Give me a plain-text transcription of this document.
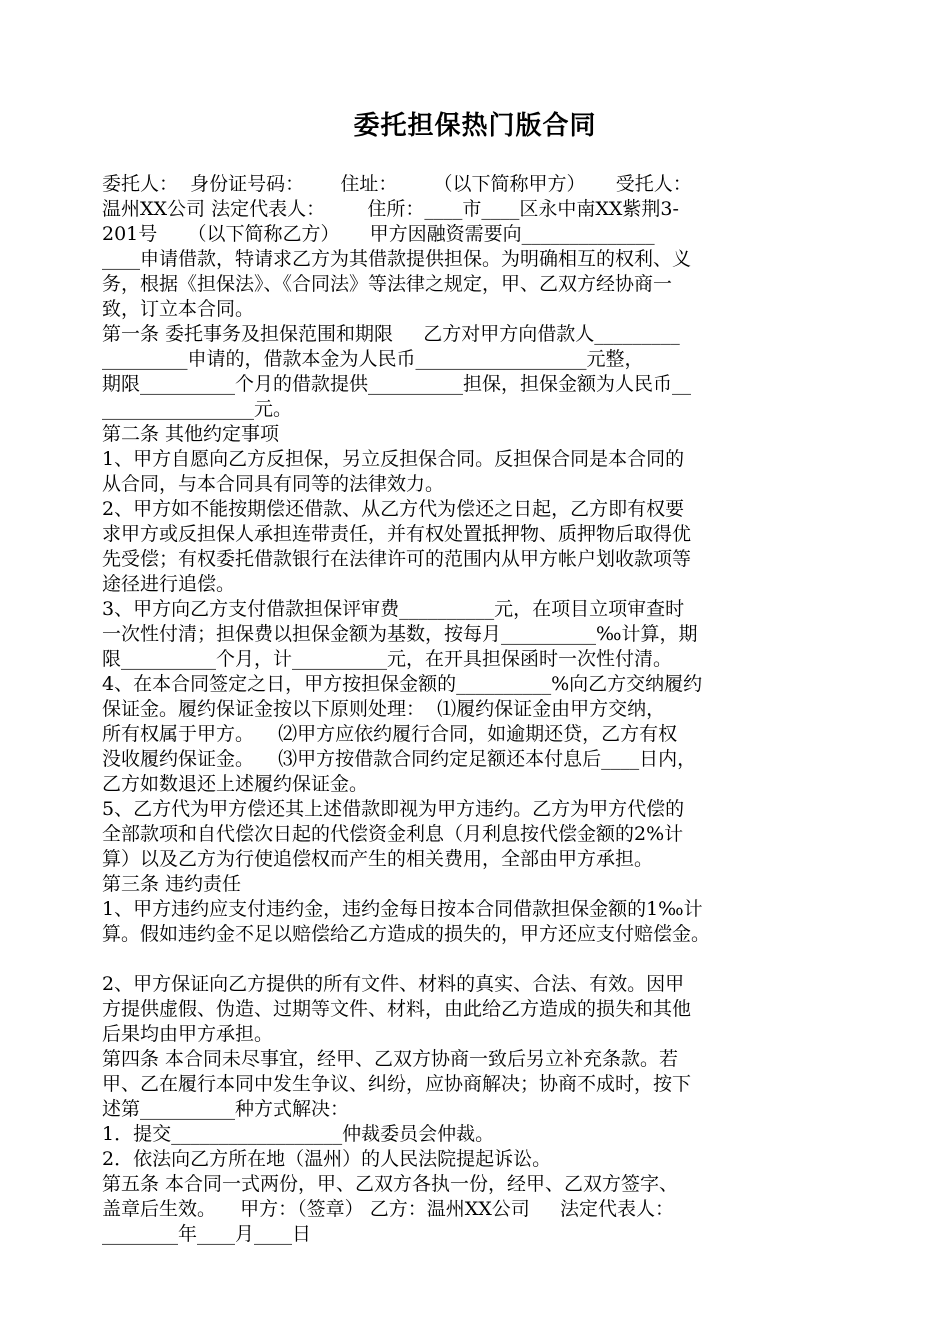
委托担保热门版合同
委托人：  身份证号码：      住址：      （以下简称甲方）     受托人：
温州XX公司 法定代表人：       住所：____市____区永中南XX紫荆3-
201号     （以下简称乙方）     甲方因融资需要向______________
____申请借款，特请求乙方为其借款提供担保。为明确相互的权利、义
务，根据《担保法》、《合同法》等法律之规定，甲、乙双方经协商一
致，订立本合同。
第一条 委托事务及担保范围和期限     乙方对甲方向借款人_________
_________申请的，借款本金为人民币__________________元整，
期限__________个月的借款提供__________担保，担保金额为人民币__
________________元。
第二条 其他约定事项
1、甲方自愿向乙方反担保，另立反担保合同。反担保合同是本合同的
从合同，与本合同具有同等的法律效力。
2、甲方如不能按期偿还借款、从乙方代为偿还之日起，乙方即有权要
求甲方或反担保人承担连带责任，并有权处置抵押物、质押物后取得优
先受偿；有权委托借款银行在法律许可的范围内从甲方帐户划收款项等
途径进行追偿。
3、甲方向乙方支付借款担保评审费__________元，在项目立项审查时
一次性付清；担保费以担保金额为基数，按每月__________‰计算，期
限__________个月，计__________元，在开具担保函时一次性付清。
4、在本合同签定之日，甲方按担保金额的__________%向乙方交纳履约
保证金。履约保证金按以下原则处理：  ⑴履约保证金由甲方交纳，
所有权属于甲方。    ⑵甲方应依约履行合同，如逾期还贷，乙方有权
没收履约保证金。    ⑶甲方按借款合同约定足额还本付息后____日内，
乙方如数退还上述履约保证金。
5、乙方代为甲方偿还其上述借款即视为甲方违约。乙方为甲方代偿的
全部款项和自代偿次日起的代偿资金利息（月利息按代偿金额的2%计
算）以及乙方为行使追偿权而产生的相关费用，全部由甲方承担。
第三条 违约责任
1、甲方违约应支付违约金，违约金每日按本合同借款担保金额的1‰计
算。假如违约金不足以赔偿给乙方造成的损失的，甲方还应支付赔偿金。
2、甲方保证向乙方提供的所有文件、材料的真实、合法、有效。因甲
方提供虚假、伪造、过期等文件、材料，由此给乙方造成的损失和其他
后果均由甲方承担。
第四条 本合同未尽事宜，经甲、乙双方协商一致后另立补充条款。若
甲、乙在履行本同中发生争议、纠纷，应协商解决；协商不成时，按下
述第__________种方式解决：
1．提交__________________仲裁委员会仲裁。
2．依法向乙方所在地（温州）的人民法院提起诉讼。
第五条 本合同一式两份，甲、乙双方各执一份，经甲、乙双方签字、
盖章后生效。    甲方：（签章） 乙方：温州XX公司     法定代表人：
________年____月____日
